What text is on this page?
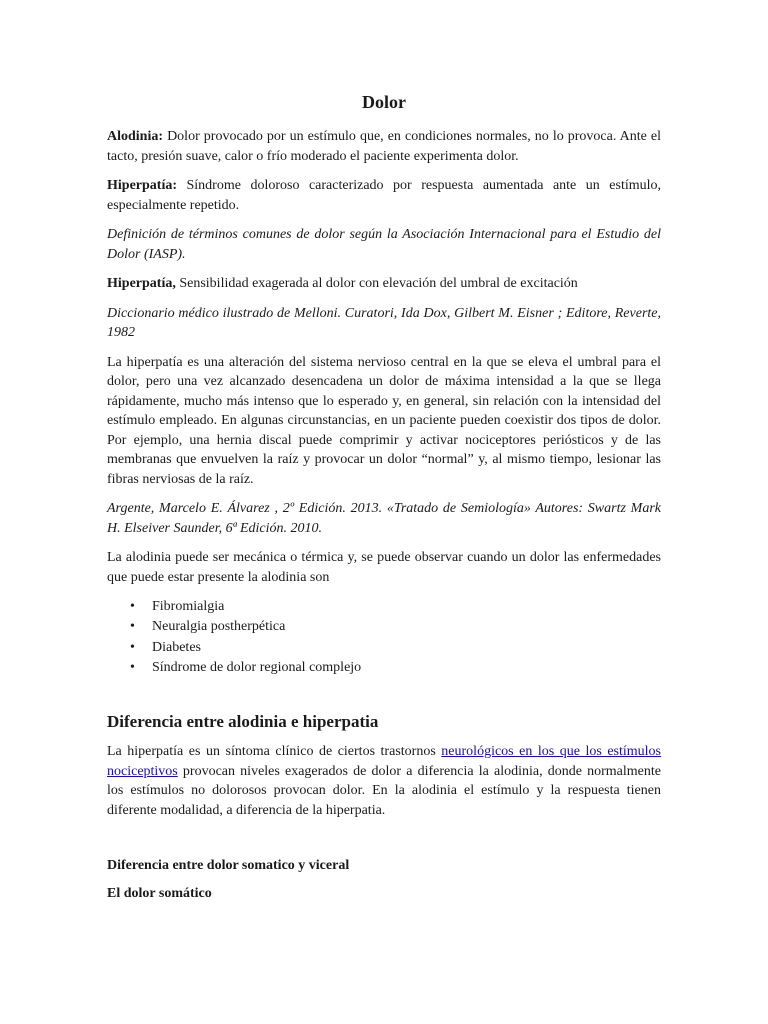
Dolor

Alodinia: Dolor provocado por un estímulo que, en condiciones normales, no lo provoca. Ante el tacto, presión suave, calor o frío moderado el paciente experimenta dolor.

Hiperpatía: Síndrome doloroso caracterizado por respuesta aumentada ante un estímulo, especialmente repetido.

Definición de términos comunes de dolor según la Asociación Internacional para el Estudio del Dolor (IASP).

Hiperpatía, Sensibilidad exagerada al dolor con elevación del umbral de excitación

Diccionario médico ilustrado de Melloni. Curatori, Ida Dox, Gilbert M. Eisner ; Editore, Reverte, 1982

La hiperpatía es una alteración del sistema nervioso central en la que se eleva el umbral para el dolor, pero una vez alcanzado desencadena un dolor de máxima intensidad a la que se llega rápidamente, mucho más intenso que lo esperado y, en general, sin relación con la intensidad del estímulo empleado. En algunas circunstancias, en un paciente pueden coexistir dos tipos de dolor. Por ejemplo, una hernia discal puede comprimir y activar nociceptores periósticos y de las membranas que envuelven la raíz y provocar un dolor “normal” y, al mismo tiempo, lesionar las fibras nerviosas de la raíz.

Argente, Marcelo E. Álvarez , 2º Edición. 2013. «Tratado de Semiología» Autores: Swartz Mark H. Elseiver Saunder, 6ª Edición. 2010.

La alodinia puede ser mecánica o térmica y, se puede observar cuando un dolor las enfermedades que puede estar presente la alodinia son

• Fibromialgia
• Neuralgia postherpética
• Diabetes
• Síndrome de dolor regional complejo
Diferencia entre alodinia e hiperpatia

La hiperpatía es un síntoma clínico de ciertos trastornos neurológicos en los que los estímulos nociceptivos provocan niveles exagerados de dolor a diferencia la alodinia, donde normalmente los estímulos no dolorosos provocan dolor. En la alodinia el estímulo y la respuesta tienen diferente modalidad, a diferencia de la hiperpatia.

Diferencia entre dolor somatico y viceral
El dolor somático
